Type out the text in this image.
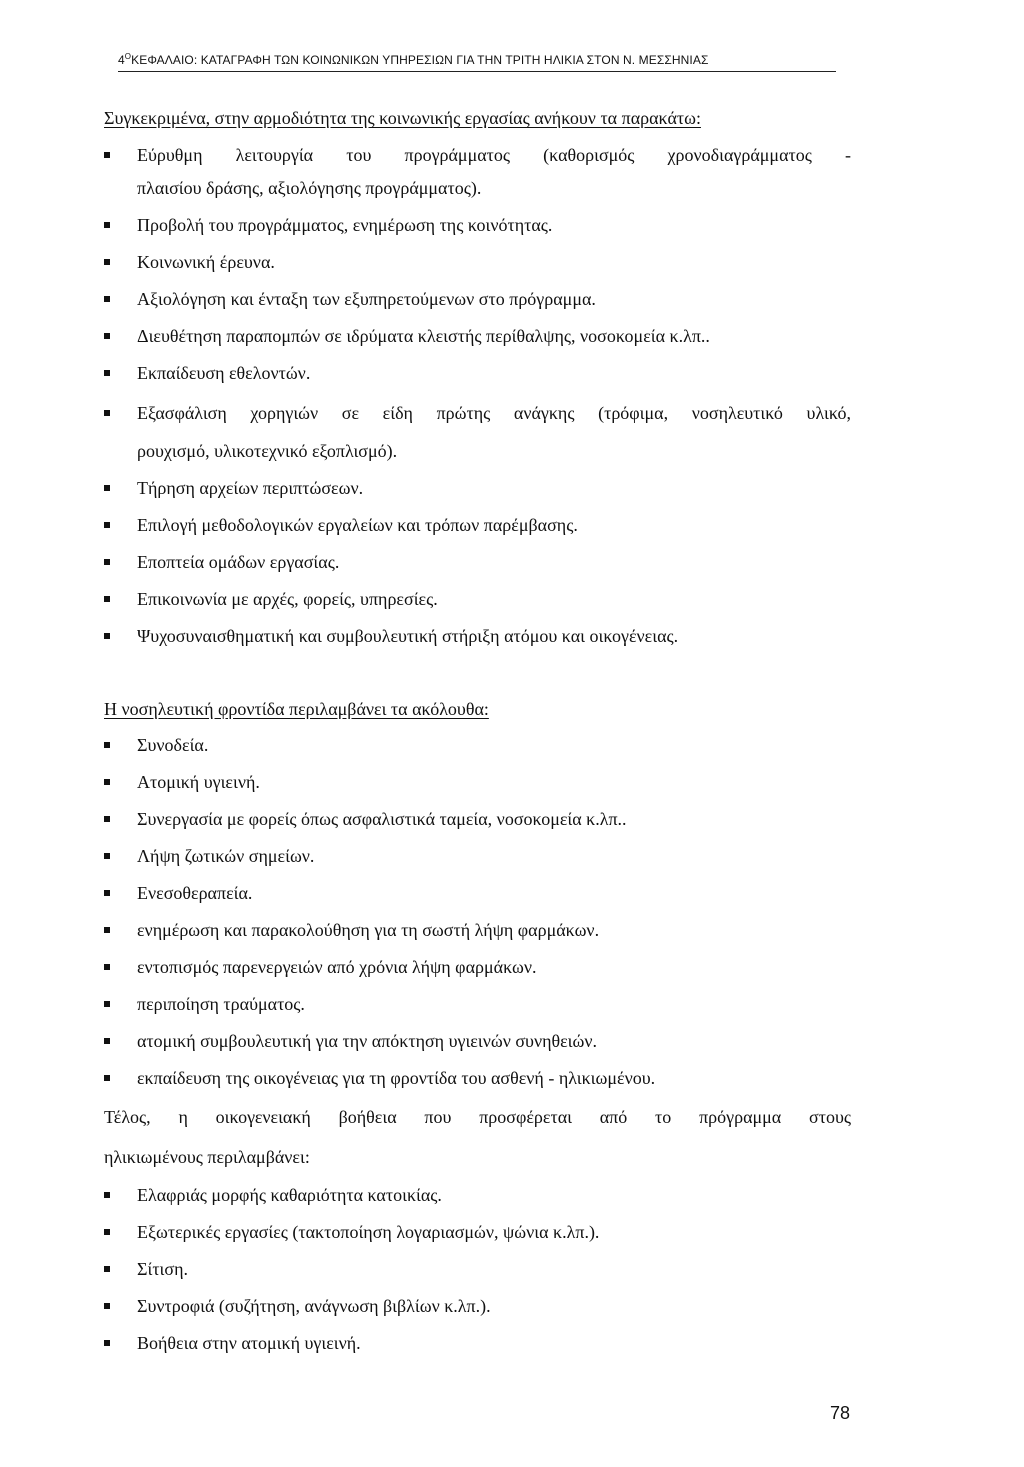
$4^OKE\Phi A\Lambda AIO$: ΚΑΤΑΓΡΑΦΗ ΤΩΝ ΚΟΙΝΩΝΙΚΩΝ ΥΠΗΡΕΣΙΩΝ ΓΙΑ ΤΗΝ ΤΡΙΤΗ ΗΛΙΚΙΑ ΣΤΟΝ Ν. ΜΕΣΣΗΝΙΑΣ
Συγκεκριμένα, στην αρμοδιότητα της κοινωνικής εργασίας ανήκουν τα παρακάτω:
Εύρυθμη λειτουργία του προγράμματος (καθορισμός χρονοδιαγράμματος -
πλαισίου δράσης, αξιολόγησης προγράμματος).
Προβολή του προγράμματος, ενημέρωση της κοινότητας.
Κοινωνική έρευνα.
Αξιολόγηση και ένταξη των εξυπηρετούμενων στο πρόγραμμα.
Διευθέτηση παραπομπών σε ιδρύματα κλειστής περίθαλψης, νοσοκομεία κ.λπ..
Εκπαίδευση εθελοντών.
Εξασφάλιση χορηγιών σε είδη πρώτης ανάγκης (τρόφιμα, νοσηλευτικό υλικό,
ρουχισμό, υλικοτεχνικό εξοπλισμό).
Τήρηση αρχείων περιπτώσεων.
Επιλογή μεθοδολογικών εργαλείων και τρόπων παρέμβασης.
Εποπτεία ομάδων εργασίας.
Επικοινωνία με αρχές, φορείς, υπηρεσίες.
Ψυχοσυναισθηματική και συμβουλευτική στήριξη ατόμου και οικογένειας.
Η νοσηλευτική φροντίδα περιλαμβάνει τα ακόλουθα:
Συνοδεία.
Ατομική υγιεινή.
Συνεργασία με φορείς όπως ασφαλιστικά ταμεία, νοσοκομεία κ.λπ..
Λήψη ζωτικών σημείων.
Ενεσοθεραπεία.
ενημέρωση και παρακολούθηση για τη σωστή λήψη φαρμάκων.
εντοπισμός παρενεργειών από χρόνια λήψη φαρμάκων.
περιποίηση τραύματος.
ατομική συμβουλευτική για την απόκτηση υγιεινών συνηθειών.
εκπαίδευση της οικογένειας για τη φροντίδα του ασθενή - ηλικιωμένου.
Τέλος, η οικογενειακή βοήθεια που προσφέρεται από το πρόγραμμα στους
ηλικιωμένους περιλαμβάνει:
Ελαφριάς μορφής καθαριότητα κατοικίας.
Εξωτερικές εργασίες (τακτοποίηση λογαριασμών, ψώνια κ.λπ.).
Σίτιση.
Συντροφιά (συζήτηση, ανάγνωση βιβλίων κ.λπ.).
Βοήθεια στην ατομική υγιεινή.
78
